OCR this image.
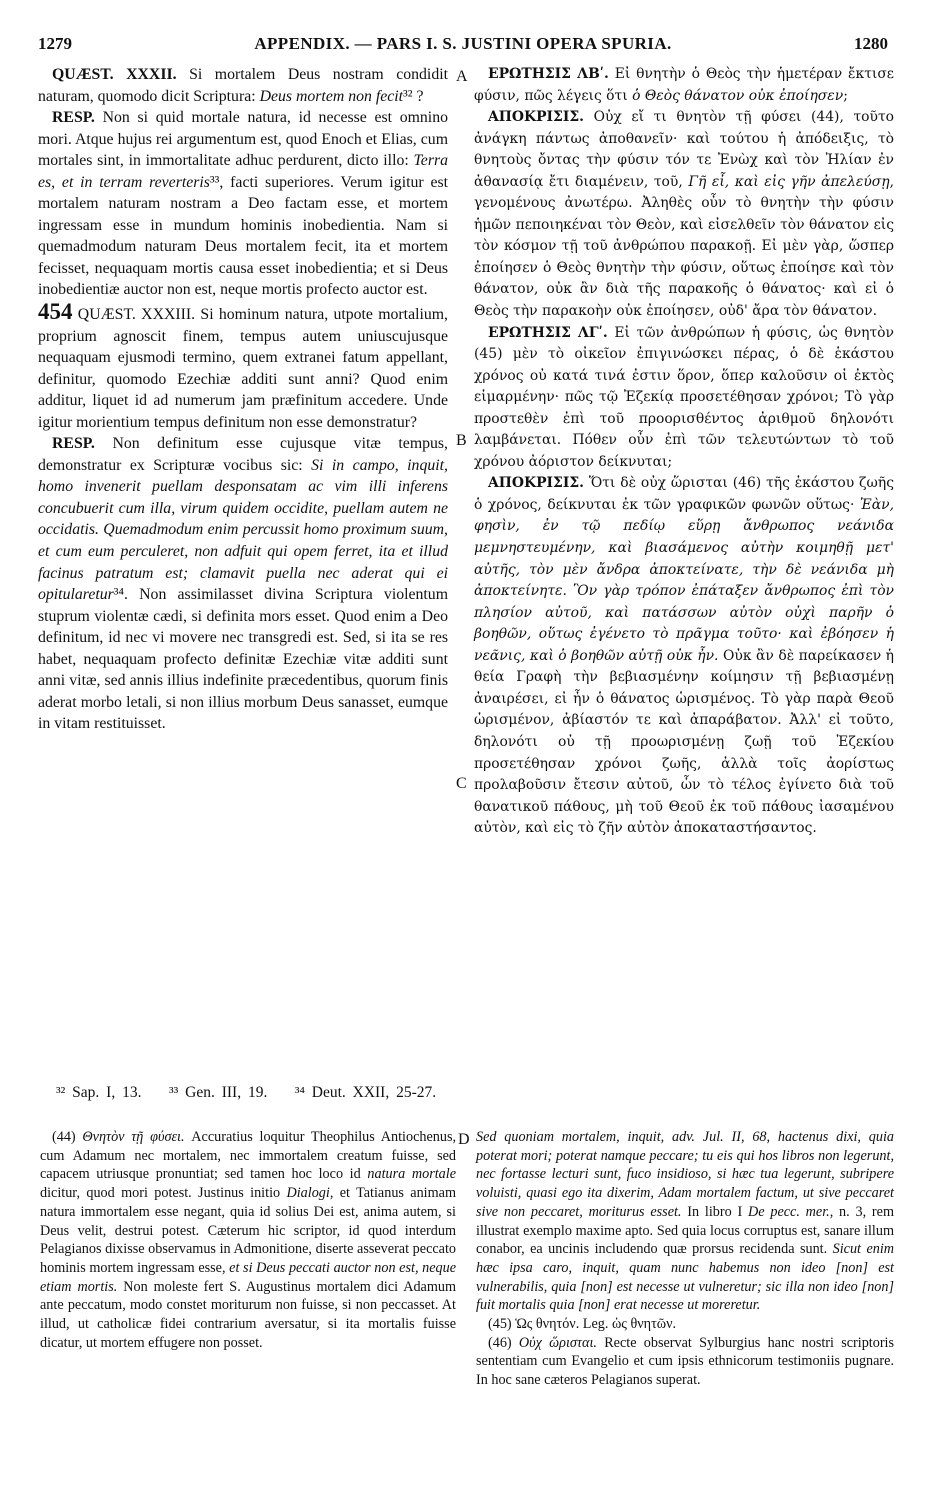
1279	APPENDIX. — PARS I. S. JUSTINI OPERA SPURIA.	1280
A
B
C
D

QUÆST. XXXII. Si mortalem Deus nostram condidit naturam, quomodo dicit Scriptura: Deus mortem non fecit³² ?

RESP. Non si quid mortale natura, id necesse est omnino mori. Atque hujus rei argumentum est, quod Enoch et Elias, cum mortales sint, in immortalitate adhuc perdurent, dicto illo: Terra es, et in terram reverteris³³, facti superiores. Verum igitur est mortalem naturam nostram a Deo factam esse, et mortem ingressam esse in mundum hominis inobedientia. Nam si quemadmodum naturam Deus mortalem fecit, ita et mortem fecisset, nequaquam mortis causa esset inobedientia; et si Deus inobedientiæ auctor non est, neque mortis profecto auctor est.

454 QUÆST. XXXIII. Si hominum natura, utpote mortalium, proprium agnoscit finem, tempus autem uniuscujusque nequaquam ejusmodi termino, quem extranei fatum appellant, definitur, quomodo Ezechiæ additi sunt anni? Quod enim additur, liquet id ad numerum jam præfinitum accedere. Unde igitur morientium tempus definitum non esse demonstratur?

RESP. Non definitum esse cujusque vitæ tempus, demonstratur ex Scripturæ vocibus sic: Si in campo, inquit, homo invenerit puellam desponsatam ac vim illi inferens concubuerit cum illa, virum quidem occidite, puellam autem ne occidatis. Quemadmodum enim percussit homo proximum suum, et cum eum perculeret, non adfuit qui opem ferret, ita et illud facinus patratum est; clamavit puella nec aderat qui ei opitularetur³⁴. Non assimilasset divina Scriptura violentum stuprum violentæ cædi, si definita mors esset. Quod enim a Deo definitum, id nec vi movere nec transgredi est. Sed, si ita se res habet, nequaquam profecto definitæ Ezechiæ vitæ additi sunt anni vitæ, sed annis illius indefinite præcedentibus, quorum finis aderat morbo letali, si non illius morbum Deus sanasset, eumque in vitam restituisset.

ΕΡΩΤΗΣΙΣ ΛΒʹ. Εἰ θνητὴν ὁ Θεὸς τὴν ἡμετέραν ἔκτισε φύσιν, πῶς λέγεις ὅτι ὁ Θεὸς θάνατον οὐκ ἐποίησεν;

ΑΠΟΚΡΙΣΙΣ. Οὐχ εἴ τι θνητὸν τῇ φύσει (44), τοῦτο ἀνάγκη πάντως ἀποθανεῖν· καὶ τούτου ἡ ἀπόδειξις, τὸ θνητοὺς ὄντας τὴν φύσιν τόν τε Ἐνὼχ καὶ τὸν Ἠλίαν ἐν ἀθανασίᾳ ἔτι διαμένειν, τοῦ, Γῆ εἶ, καὶ εἰς γῆν ἀπελεύσῃ, γενομένους ἀνωτέρω. Ἀληθὲς οὖν τὸ θνητὴν τὴν φύσιν ἡμῶν πεποιηκέναι τὸν Θεὸν, καὶ εἰσελθεῖν τὸν θάνατον εἰς τὸν κόσμον τῇ τοῦ ἀνθρώπου παρακοῇ. Εἰ μὲν γὰρ, ὥσπερ ἐποίησεν ὁ Θεὸς θνητὴν τὴν φύσιν, οὕτως ἐποίησε καὶ τὸν θάνατον, οὐκ ἂν διὰ τῆς παρακοῆς ὁ θάνατος· καὶ εἰ ὁ Θεὸς τὴν παρακοὴν οὐκ ἐποίησεν, οὐδ' ἄρα τὸν θάνατον.

ΕΡΩΤΗΣΙΣ ΛΓʹ. Εἰ τῶν ἀνθρώπων ἡ φύσις, ὡς θνητὸν (45) μὲν τὸ οἰκεῖον ἐπιγινώσκει πέρας, ὁ δὲ ἑκάστου χρόνος οὐ κατά τινά ἐστιν ὅρον, ὅπερ καλοῦσιν οἱ ἐκτὸς εἱμαρμένην· πῶς τῷ Ἐζεκίᾳ προσετέθησαν χρόνοι; Τὸ γὰρ προστεθὲν ἐπὶ τοῦ προορισθέντος ἀριθμοῦ δηλονότι λαμβάνεται. Πόθεν οὖν ἐπὶ τῶν τελευτώντων τὸ τοῦ χρόνου ἀόριστον δείκνυται;

ΑΠΟΚΡΙΣΙΣ. Ὅτι δὲ οὐχ ὥρισται (46) τῆς ἑκάστου ζωῆς ὁ χρόνος, δείκνυται ἐκ τῶν γραφικῶν φωνῶν οὕτως· Ἐὰν, φησὶν, ἐν τῷ πεδίῳ εὕρῃ ἄνθρωπος νεάνιδα μεμνηστευμένην, καὶ βιασάμενος αὐτὴν κοιμηθῇ μετ' αὐτῆς, τὸν μὲν ἄνδρα ἀποκτείνατε, τὴν δὲ νεάνιδα μὴ ἀποκτείνητε. Ὃν γὰρ τρόπον ἐπάταξεν ἄνθρωπος ἐπὶ τὸν πλησίον αὐτοῦ, καὶ πατάσσων αὐτὸν οὐχὶ παρῆν ὁ βοηθῶν, οὕτως ἐγένετο τὸ πρᾶγμα τοῦτο· καὶ ἐβόησεν ἡ νεᾶνις, καὶ ὁ βοηθῶν αὐτῇ οὐκ ἦν. Οὐκ ἂν δὲ παρείκασεν ἡ θεία Γραφὴ τὴν βεβιασμένην κοίμησιν τῇ βεβιασμένῃ ἀναιρέσει, εἰ ἦν ὁ θάνατος ὡρισμένος. Τὸ γὰρ παρὰ Θεοῦ ὡρισμένον, ἀβίαστόν τε καὶ ἀπαράβατον. Ἀλλ' εἰ τοῦτο, δηλονότι οὐ τῇ προωρισμένῃ ζωῇ τοῦ Ἐζεκίου προσετέθησαν χρόνοι ζωῆς, ἀλλὰ τοῖς ἀορίστως προλαβοῦσιν ἔτεσιν αὐτοῦ, ὧν τὸ τέλος ἐγίνετο διὰ τοῦ θανατικοῦ πάθους, μὴ τοῦ Θεοῦ ἐκ τοῦ πάθους ἰασαμένου αὐτὸν, καὶ εἰς τὸ ζῆν αὐτὸν ἀποκαταστήσαντος.

³² Sap. I, 13. ³³ Gen. III, 19. ³⁴ Deut. XXII, 25-27.

(44) Θνητὸν τῇ φύσει. Accuratius loquitur Theophilus Antiochenus, cum Adamum nec mortalem, nec immortalem creatum fuisse, sed capacem utriusque pronuntiat; sed tamen hoc loco id natura mortale dicitur, quod mori potest. Justinus initio Dialogi, et Tatianus animam natura immortalem esse negant, quia id solius Dei est, anima autem, si Deus velit, destrui potest. Cæterum hic scriptor, id quod interdum Pelagianos dixisse observamus in Admonitione, diserte asseverat peccato hominis mortem ingressam esse, et si Deus peccati auctor non est, neque etiam mortis. Non moleste fert S. Augustinus mortalem dici Adamum ante peccatum, modo constet moriturum non fuisse, si non peccasset. At illud, ut catholicæ fidei contrarium aversatur, si ita mortalis fuisse dicatur, ut mortem effugere non posset.

Sed quoniam mortalem, inquit, adv. Jul. II, 68, hactenus dixi, quia poterat mori; poterat namque peccare; tu eis qui hos libros non legerunt, nec fortasse lecturi sunt, fuco insidioso, si hæc tua legerunt, subripere voluisti, quasi ego ita dixerim, Adam mortalem factum, ut sive peccaret sive non peccaret, moriturus esset. In libro I De pecc. mer., n. 3, rem illustrat exemplo maxime apto. Sed quia locus corruptus est, sanare illum conabor, ea uncinis includendo quæ prorsus recidenda sunt. Sicut enim hæc ipsa caro, inquit, quam nunc habemus non ideo [non] est vulnerabilis, quia [non] est necesse ut vulneretur; sic illa non ideo [non] fuit mortalis quia [non] erat necesse ut moreretur.

(45) Ὡς θνητόν. Leg. ὡς θνητῶν.

(46) Οὐχ ὥρισται. Recte observat Sylburgius hanc nostri scriptoris sententiam cum Evangelio et cum ipsis ethnicorum testimoniis pugnare. In hoc sane cæteros Pelagianos superat.
